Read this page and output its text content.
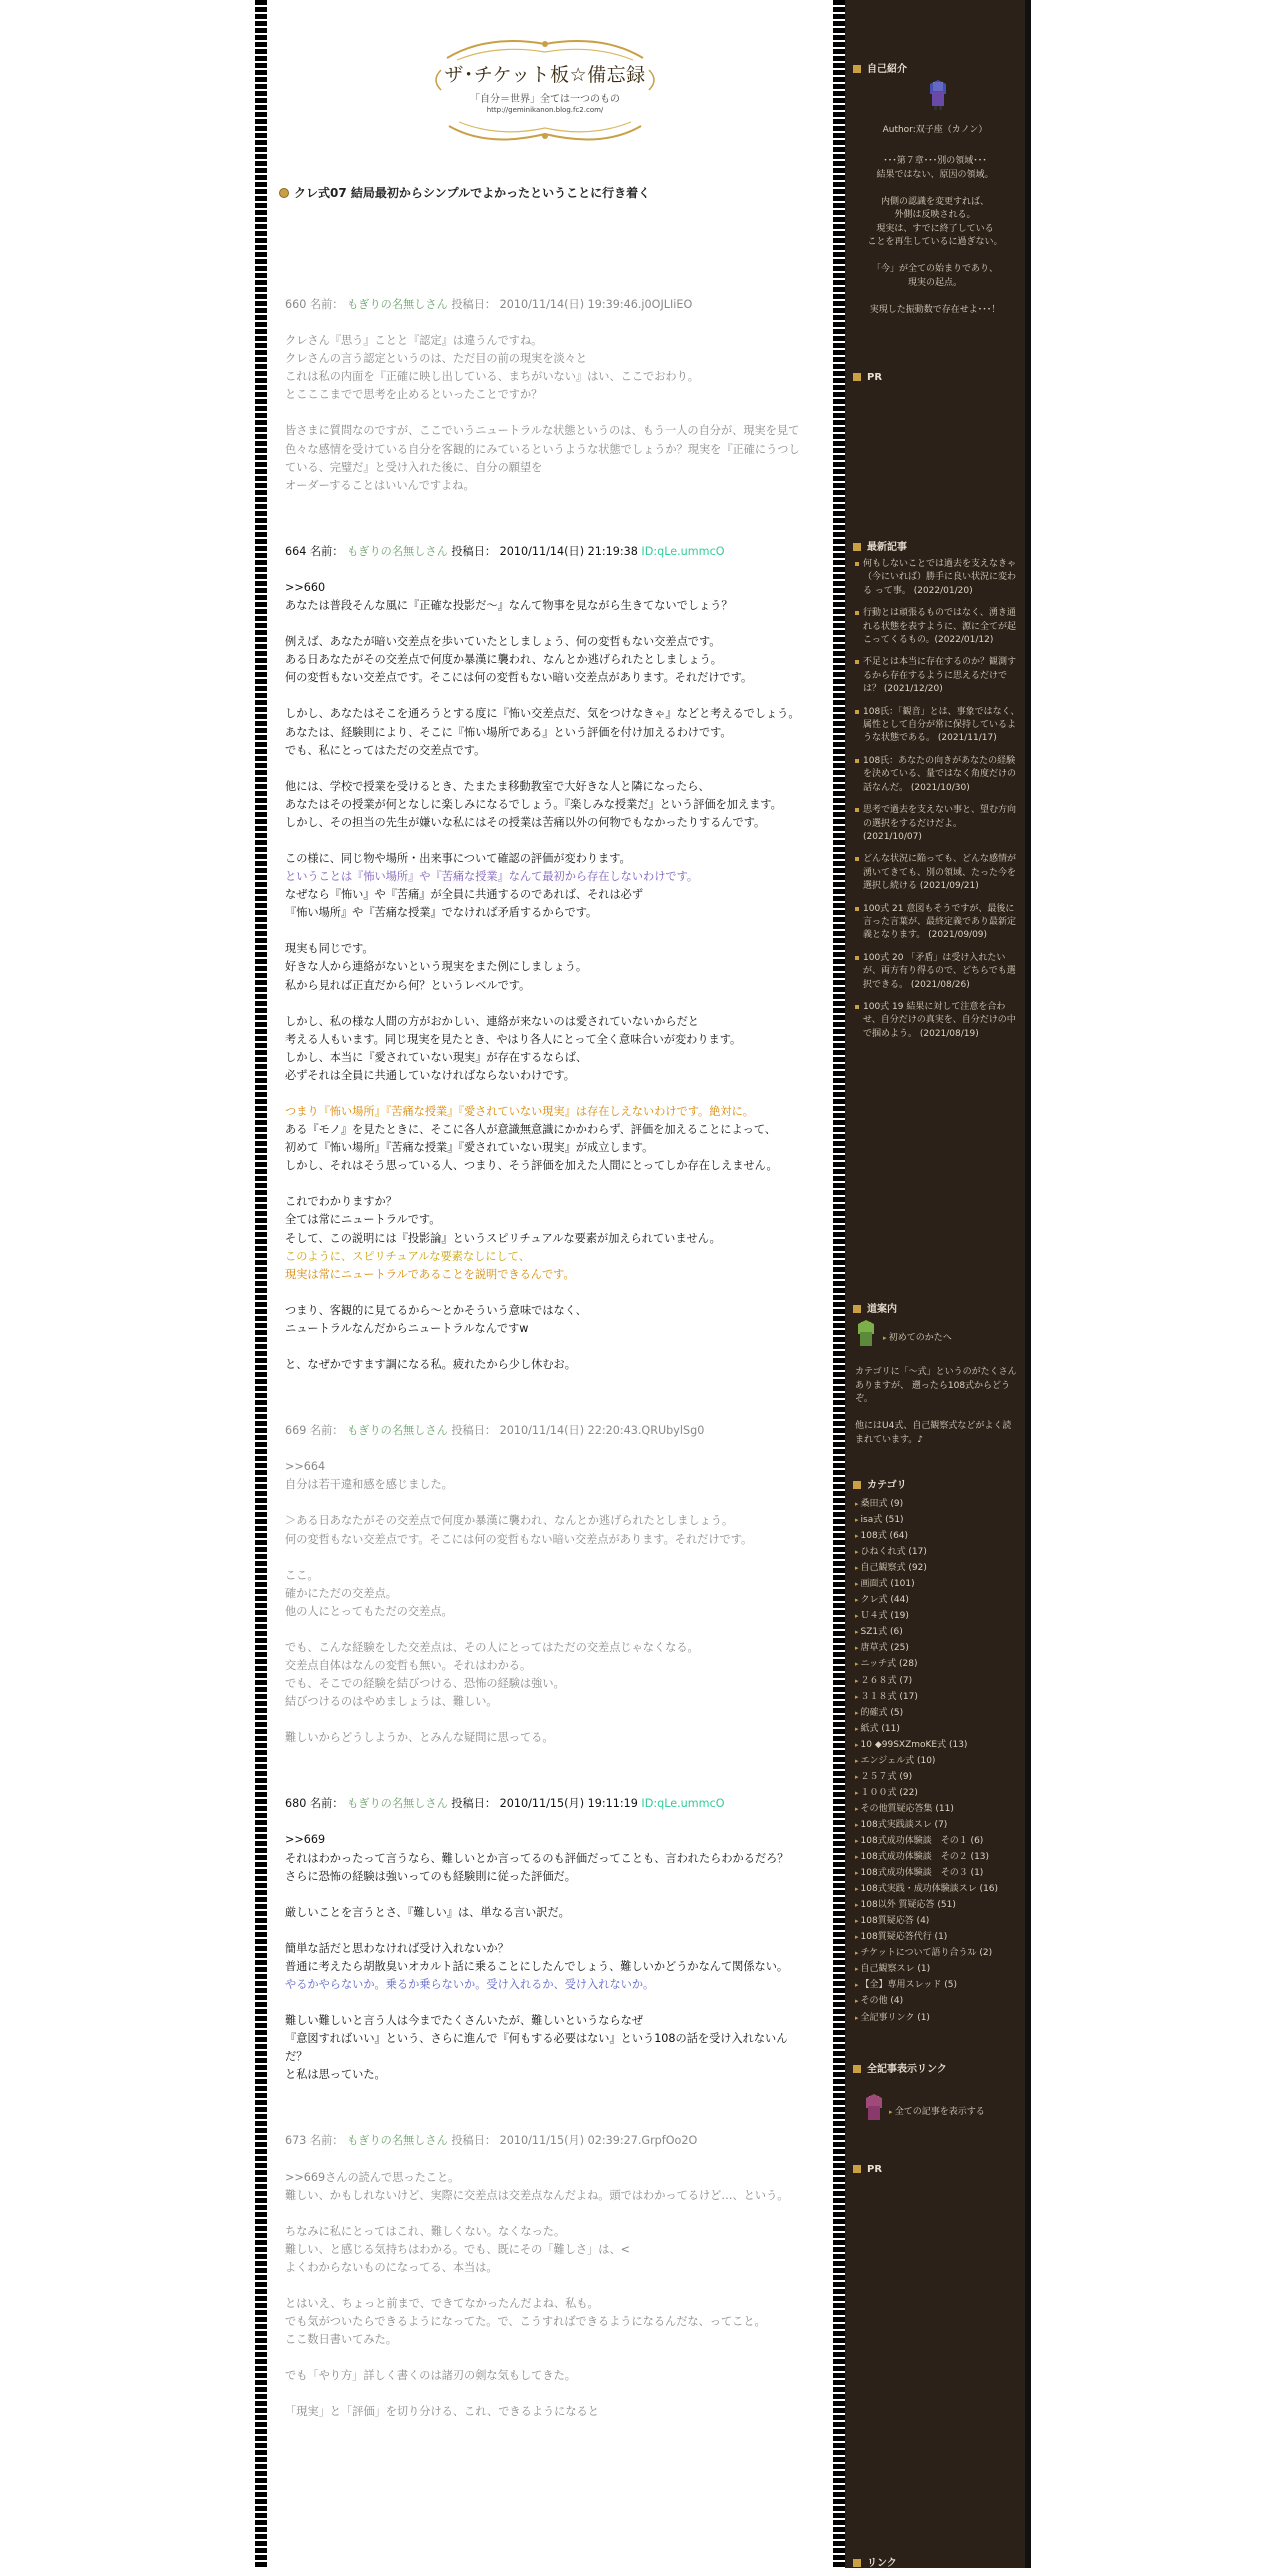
ザ･チケット板☆備忘録
「自分＝世界」全ては一つのもの
http://geminikanon.blog.fc2.com/
クレ式07 結局最初からシンプルでよかったということに行き着く
660 名前： もぎりの名無しさん 投稿日： 2010/11/14(日) 19:39:46.j0OJLIiEO

クレさん『思う』ことと『認定』は違うんですね。

クレさんの言う認定というのは、ただ目の前の現実を淡々と

これは私の内面を『正確に映し出している、まちがいない』はい、ここでおわり。

とこここまでで思考を止めるといったことですか？

皆さまに質問なのですが、ここでいうニュートラルな状態というのは、もう一人の自分が、現実を見て色々な感情を受けている自分を客観的にみているというような状態でしょうか？現実を『正確にうつしている、完璧だ』と受け入れた後に、自分の願望を

オーダーすることはいいんですよね。

664 名前： もぎりの名無しさん 投稿日： 2010/11/14(日) 21:19:38 ID:qLe.ummcO

>>660

あなたは普段そんな風に『正確な投影だ～』なんて物事を見ながら生きてないでしょう？

例えば、あなたが暗い交差点を歩いていたとしましょう、何の変哲もない交差点です。

ある日あなたがその交差点で何度か暴漢に襲われ、なんとか逃げられたとしましょう。

何の変哲もない交差点です。そこには何の変哲もない暗い交差点があります。それだけです。

しかし、あなたはそこを通ろうとする度に『怖い交差点だ、気をつけなきゃ』などと考えるでしょう。

あなたは、経験則により、そこに『怖い場所である』という評価を付け加えるわけです。

でも、私にとってはただの交差点です。

他には、学校で授業を受けるとき、たまたま移動教室で大好きな人と隣になったら、

あなたはその授業が何となしに楽しみになるでしょう。『楽しみな授業だ』という評価を加えます。

しかし、その担当の先生が嫌いな私にはその授業は苦痛以外の何物でもなかったりするんです。

この様に、同じ物や場所・出来事について確認の評価が変わります。

ということは『怖い場所』や『苦痛な授業』なんて最初から存在しないわけです。

なぜなら『怖い』や『苦痛』が全員に共通するのであれば、それは必ず

『怖い場所』や『苦痛な授業』でなければ矛盾するからです。

現実も同じです。

好きな人から連絡がないという現実をまた例にしましょう。

私から見れば正直だから何？というレベルです。

しかし、私の様な人間の方がおかしい、連絡が来ないのは愛されていないからだと

考える人もいます。同じ現実を見たとき、やはり各人にとって全く意味合いが変わります。

しかし、本当に『愛されていない現実』が存在するならば、

必ずそれは全員に共通していなければならないわけです。

つまり『怖い場所』『苦痛な授業』『愛されていない現実』は存在しえないわけです。絶対に。

ある『モノ』を見たときに、そこに各人が意識無意識にかかわらず、評価を加えることによって、

初めて『怖い場所』『苦痛な授業』『愛されていない現実』が成立します。

しかし、それはそう思っている人、つまり、そう評価を加えた人間にとってしか存在しえません。

これでわかりますか？

全ては常にニュートラルです。

そして、この説明には『投影論』というスピリチュアルな要素が加えられていません。

このように、スピリチュアルな要素なしにして、

現実は常にニュートラルであることを説明できるんです。

つまり、客観的に見てるから～とかそういう意味ではなく、

ニュートラルなんだからニュートラルなんですw

と、なぜかですます調になる私。疲れたから少し休むお。

669 名前： もぎりの名無しさん 投稿日： 2010/11/14(日) 22:20:43.QRUbylSg0

>>664

自分は若干違和感を感じました。

＞ある日あなたがその交差点で何度か暴漢に襲われ、なんとか逃げられたとしましょう。

何の変哲もない交差点です。そこには何の変哲もない暗い交差点があります。それだけです。

ここ。

確かにただの交差点。

他の人にとってもただの交差点。

でも、こんな経験をした交差点は、その人にとってはただの交差点じゃなくなる。

交差点自体はなんの変哲も無い。それはわかる。

でも、そこでの経験を結びつける、恐怖の経験は強い。

結びつけるのはやめましょうは、難しい。

難しいからどうしようか、とみんな疑問に思ってる。

680 名前： もぎりの名無しさん 投稿日： 2010/11/15(月) 19:11:19 ID:qLe.ummcO

>>669

それはわかったって言うなら、難しいとか言ってるのも評価だってことも、言われたらわかるだろ？

さらに恐怖の経験は強いってのも経験則に従った評価だ。

厳しいことを言うとさ、『難しい』は、単なる言い訳だ。

簡単な話だと思わなければ受け入れないか？

普通に考えたら胡散臭いオカルト話に乗ることにしたんでしょう、難しいかどうかなんて関係ない。

やるかやらないか。乗るか乗らないか。受け入れるか、受け入れないか。

難しい難しいと言う人は今までたくさんいたが、難しいというならなぜ

『意図すればいい』という、さらに進んで『何もする必要はない』という108の話を受け入れないんだ？

と私は思っていた。

673 名前： もぎりの名無しさん 投稿日： 2010/11/15(月) 02:39:27.GrpfOo2O

>>669さんの読んで思ったこと。

難しい、かもしれないけど、実際に交差点は交差点なんだよね。頭ではわかってるけど…、という。

ちなみに私にとってはこれ、難しくない。なくなった。

難しい、と感じる気持ちはわかる。でも、既にその「難しさ」は、<

よくわからないものになってる、本当は。

とはいえ、ちょっと前まで、できてなかったんだよね、私も。

でも気がついたらできるようになってた。で、こうすればできるようになるんだな、ってこと。

ここ数日書いてみた。

でも「やり方」詳しく書くのは諸刃の剣な気もしてきた。

「現実」と「評価」を切り分ける、これ、できるようになると

自己紹介
Author:双子座（カノン）
･･･第７章･･･別の領域･･･
結果ではない、原因の領域。
内側の認識を変更すれば、
外側は反映される。
現実は、すでに終了している
ことを再生しているに過ぎない。
「今」が全ての始まりであり、
現実の起点。
実現した振動数で存在せよ･･･！
PR
最新記事
何もしないことでは過去を支えなきゃ（今にいれば）勝手に良い状況に変わる って事。 (2022/01/20)
行動とは頑張るものではなく、湧き通れる状態を表すように、源に全てが起こってくるもの。(2022/01/12)
不足とは本当に存在するのか？観測するから存在するように思えるだけでは？ (2021/12/20)
108氏：「観音」とは、事象ではなく、属性として自分が常に保持しているような状態である。 (2021/11/17)
108氏：あなたの向きがあなたの経験を決めている、量ではなく角度だけの話なんだ。 (2021/10/30)
思考で過去を支えない事と、望む方向の選択をするだけだよ。 (2021/10/07)
どんな状況に陥っても、どんな感情が湧いてきても、別の領域、たった今を選択し続ける (2021/09/21)
100式 21 意図もそうですが、最後に言った言葉が、最終定義であり最新定義となります。 (2021/09/09)
100式 20 「矛盾」は受け入れたいが、両方有り得るので、どちらでも選択できる。 (2021/08/26)
100式 19 結果に対して注意を合わせ、自分だけの真実を、自分だけの中で掴めよう。 (2021/08/19)
道案内
▸ 初めてのかたへ
カテゴリに「～式」というのがたくさんありますが、 遡ったら108式からどうぞ。
他にはU4式、自己観察式などがよく読まれています。♪
カテゴリ
▸ 桑田式 (9)
▸ isa式 (51)
▸ 108式 (64)
▸ ひねくれ式 (17)
▸ 自己観察式 (92)
▸ 画面式 (101)
▸ クレ式 (44)
▸ Ｕ４式 (19)
▸ SZ1式 (6)
▸ 唐草式 (25)
▸ ニッチ式 (28)
▸ ２６８式 (7)
▸ ３１８式 (17)
▸ 的確式 (5)
▸ 紙式 (11)
▸ 10 ◆99SXZmoKE式 (13)
▸ エンジェル式 (10)
▸ ２５７式 (9)
▸ １００式 (22)
▸ その他質疑応答集 (11)
▸ 108式実践談スレ (7)
▸ 108式成功体験談　その１ (6)
▸ 108式成功体験談　その２ (13)
▸ 108式成功体験談　その３ (1)
▸ 108式実践・成功体験談スレ (16)
▸ 108以外 質疑応答 (51)
▸ 108質疑応答 (4)
▸ 108質疑応答代行 (1)
▸ チケットについて語り合うｽﾚ (2)
▸ 自己観察スレ (1)
▸ 【全】専用スレッド (5)
▸ その他 (4)
▸ 全記事リンク (1)
全記事表示リンク
▸ 全ての記事を表示する
PR
リンク
